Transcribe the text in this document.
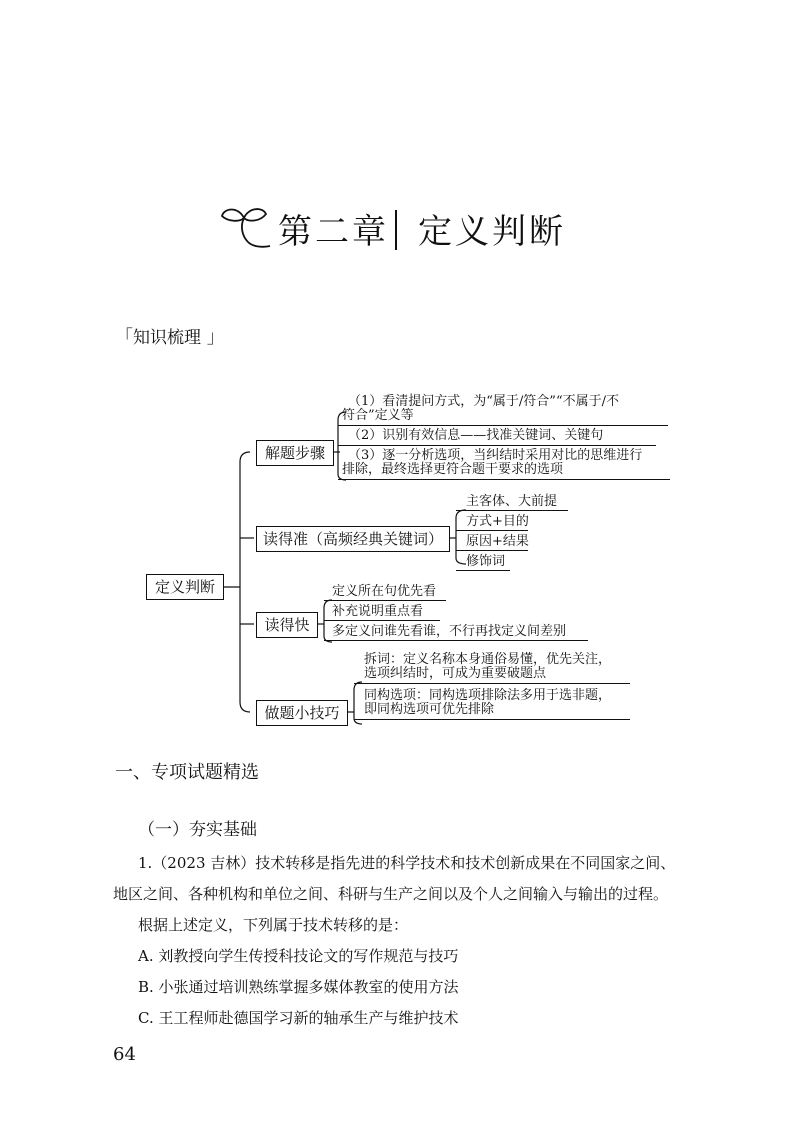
第二章 定义判断
「知识梳理 」
定义判断
解题步骤
（1）看清提问方式，为“属于/符合”“不属于/不
符合”定义等
（2）识别有效信息——找准关键词、关键句
（3）逐一分析选项，当纠结时采用对比的思维进行
排除，最终选择更符合题干要求的选项
读得准（高频经典关键词）
主客体、大前提
方式+目的
原因+结果
修饰词
读得快
定义所在句优先看
补充说明重点看
多定义问谁先看谁，不行再找定义间差别
做题小技巧
拆词：定义名称本身通俗易懂，优先关注，
选项纠结时，可成为重要破题点
同构选项：同构选项排除法多用于选非题，
即同构选项可优先排除
一、专项试题精选
（一）夯实基础
1.（2023 吉林）技术转移是指先进的科学技术和技术创新成果在不同国家之间、
地区之间、各种机构和单位之间、科研与生产之间以及个人之间输入与输出的过程。
根据上述定义，下列属于技术转移的是：
A. 刘教授向学生传授科技论文的写作规范与技巧
B. 小张通过培训熟练掌握多媒体教室的使用方法
C. 王工程师赴德国学习新的轴承生产与维护技术
64
